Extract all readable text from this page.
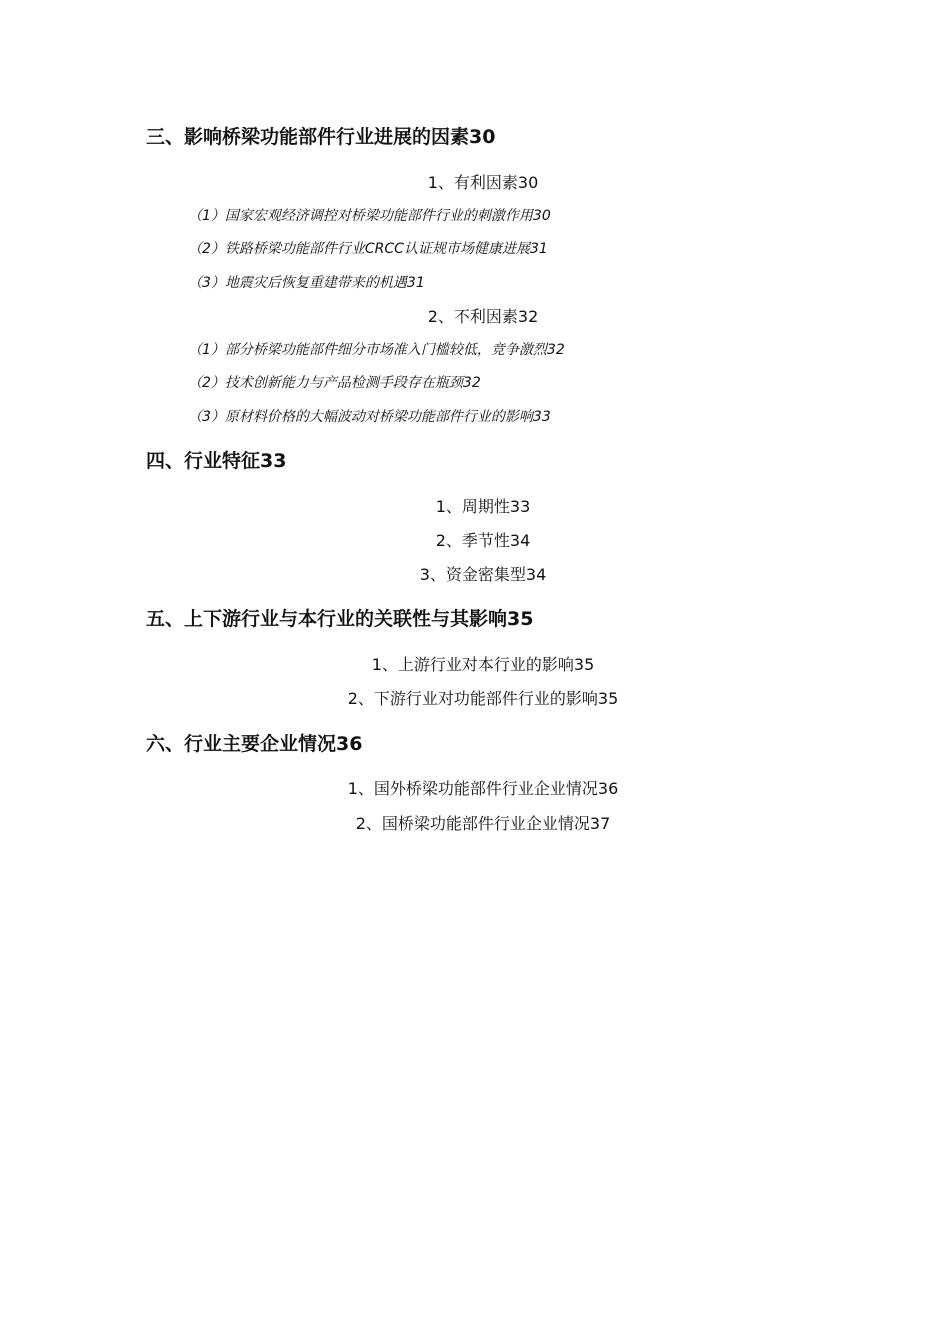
三、影响桥梁功能部件行业进展的因素30
1、有利因素30
（1）国家宏观经济调控对桥梁功能部件行业的刺激作用30
（2）铁路桥梁功能部件行业CRCC认证规市场健康进展31
（3）地震灾后恢复重建带来的机遇31
2、不利因素32
（1）部分桥梁功能部件细分市场准入门槛较低，竞争激烈32
（2）技术创新能力与产品检测手段存在瓶颈32
（3）原材料价格的大幅波动对桥梁功能部件行业的影响33
四、行业特征33
1、周期性33
2、季节性34
3、资金密集型34
五、上下游行业与本行业的关联性与其影响35
1、上游行业对本行业的影响35
2、下游行业对功能部件行业的影响35
六、行业主要企业情况36
1、国外桥梁功能部件行业企业情况36
2、国桥梁功能部件行业企业情况37
